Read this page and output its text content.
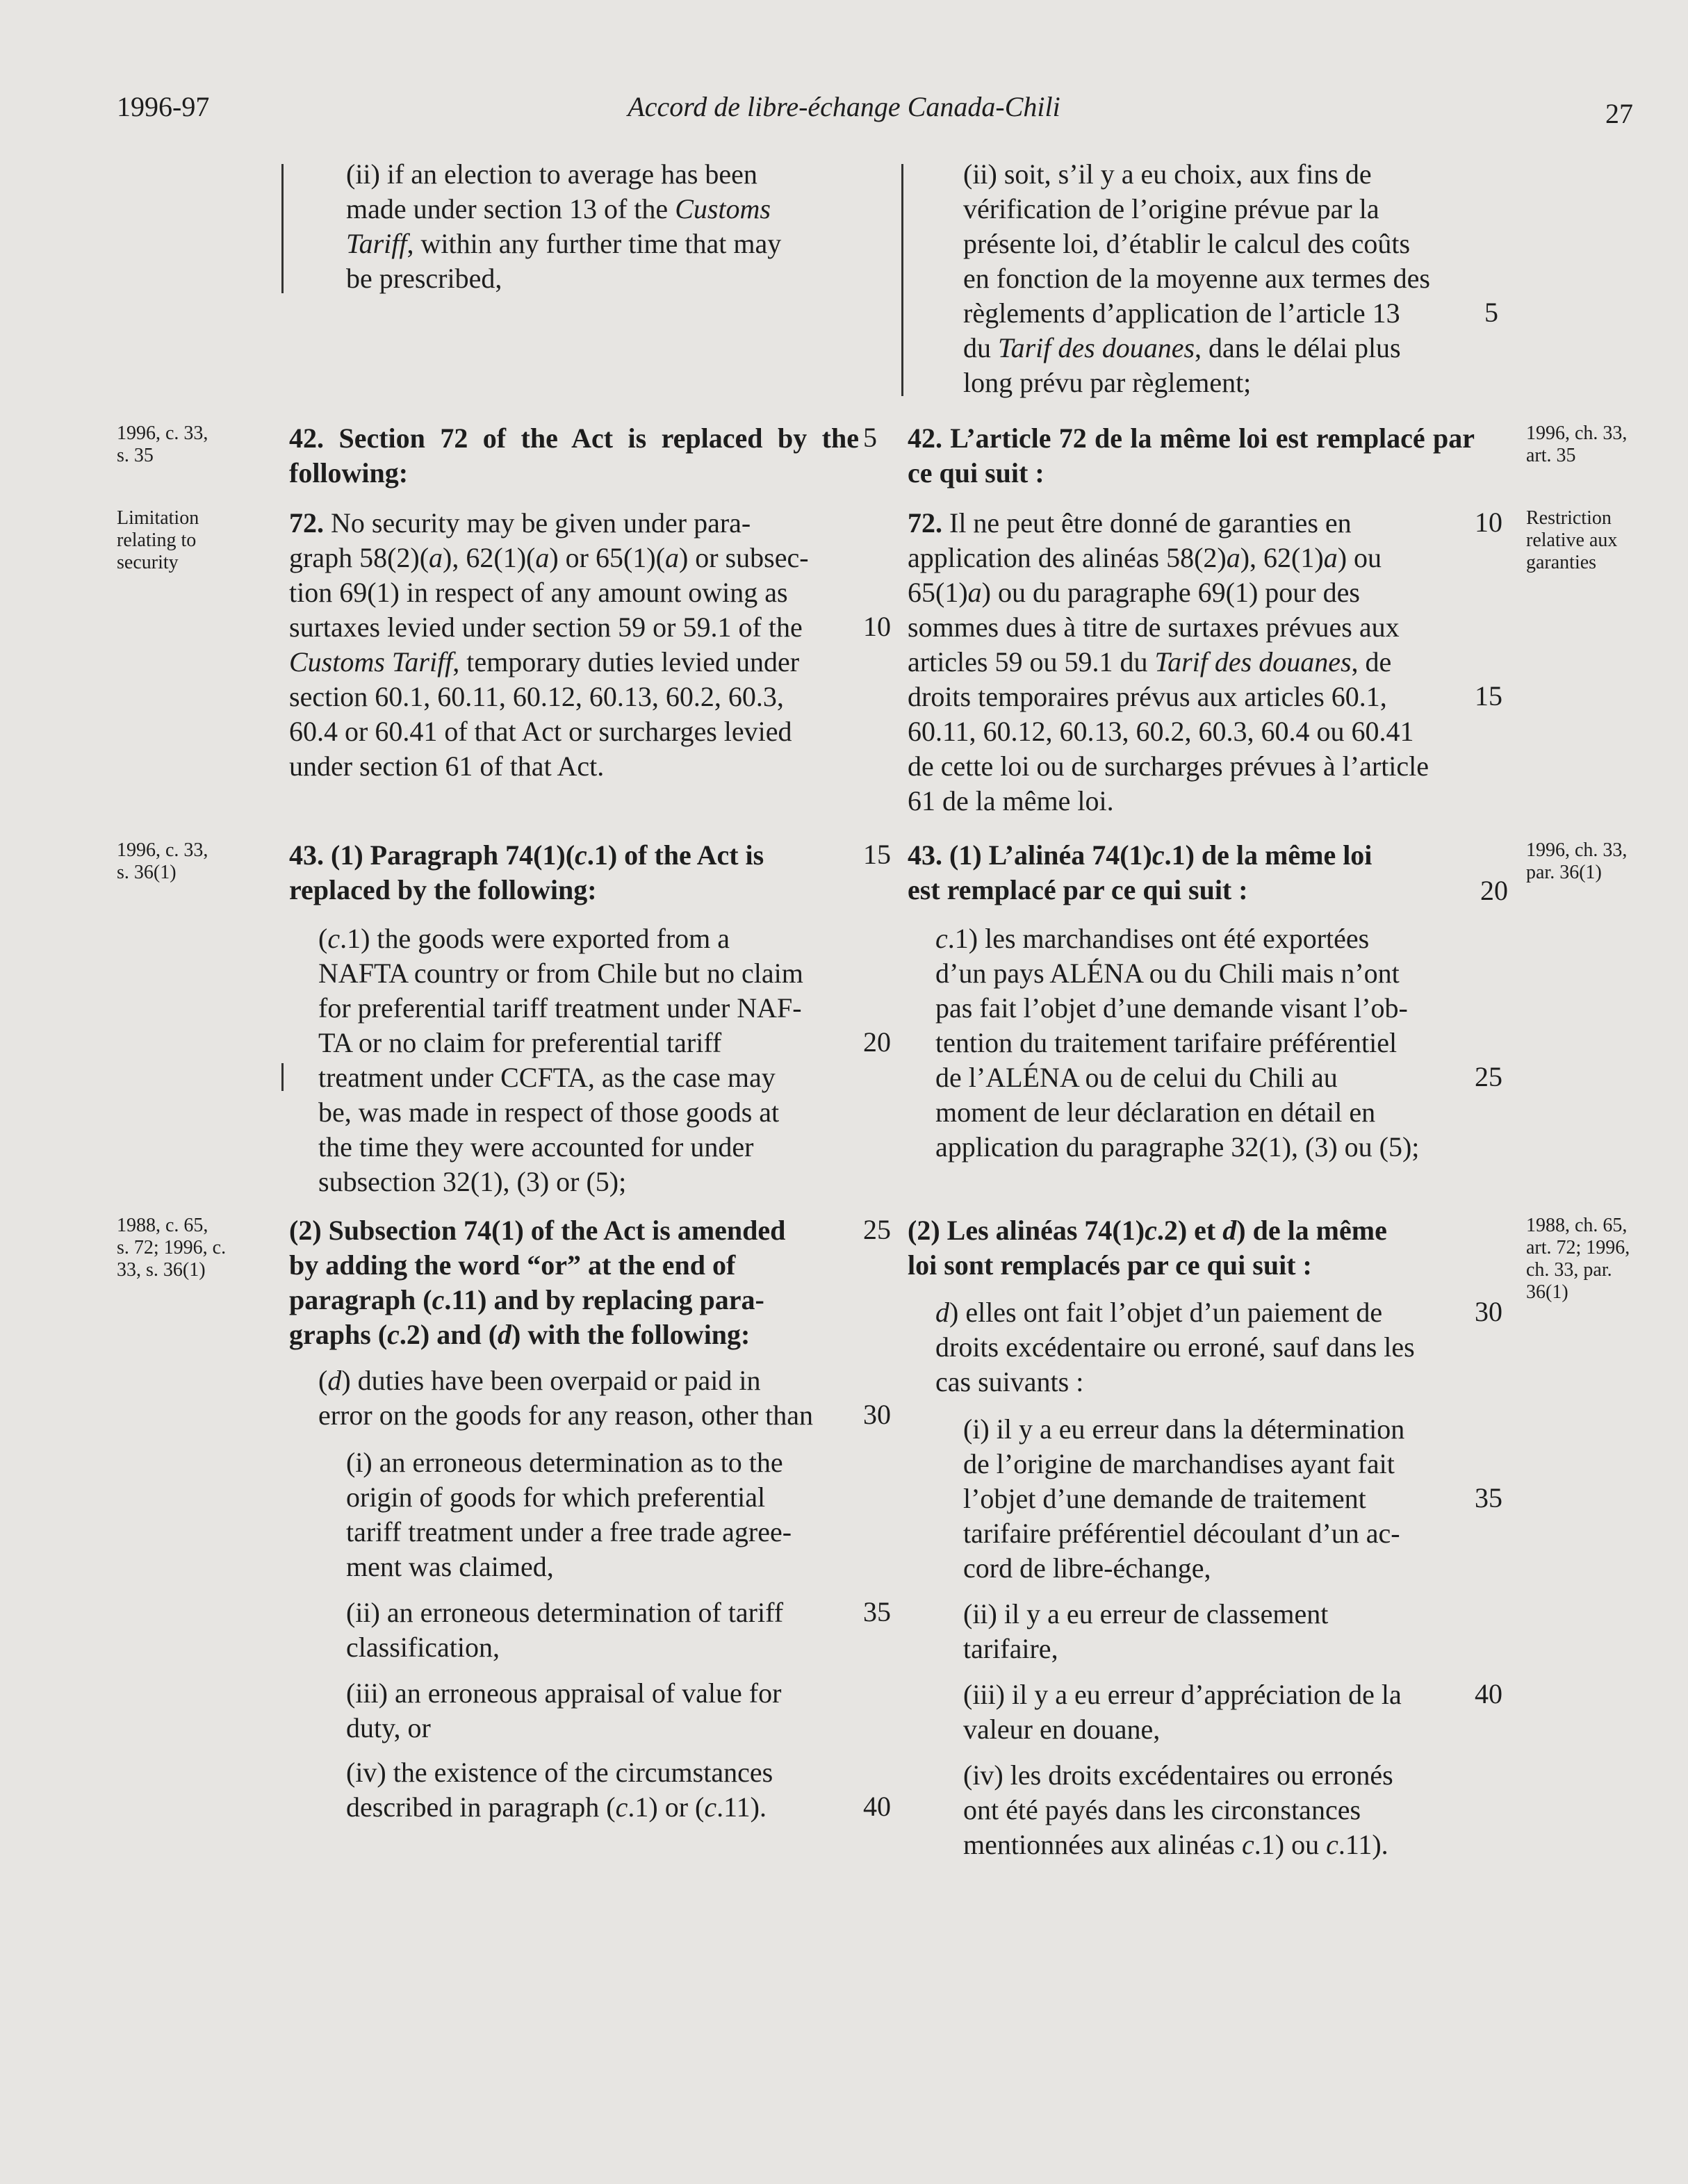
1996-97	Accord de libre-échange Canada-Chili	27
(ii) if an election to average has been
made under section 13 of the Customs
Tariff, within any further time that may
be prescribed,
42. Section 72 of the Act is replaced by the following:
72. No security may be given under para-
graph 58(2)(a), 62(1)(a) or 65(1)(a) or subsec-
tion 69(1) in respect of any amount owing as
surtaxes levied under section 59 or 59.1 of the
Customs Tariff, temporary duties levied under
section 60.1, 60.11, 60.12, 60.13, 60.2, 60.3,
60.4 or 60.41 of that Act or surcharges levied
under section 61 of that Act.
43. (1) Paragraph 74(1)(c.1) of the Act is
replaced by the following:
(c.1) the goods were exported from a
NAFTA country or from Chile but no claim
for preferential tariff treatment under NAF-
TA or no claim for preferential tariff
treatment under CCFTA, as the case may
be, was made in respect of those goods at
the time they were accounted for under
subsection 32(1), (3) or (5);
(2) Subsection 74(1) of the Act is amended
by adding the word “or” at the end of
paragraph (c.11) and by replacing para-
graphs (c.2) and (d) with the following:
(d) duties have been overpaid or paid in
error on the goods for any reason, other than
(i) an erroneous determination as to the
origin of goods for which preferential
tariff treatment under a free trade agree-
ment was claimed,
(ii) an erroneous determination of tariff
classification,
(iii) an erroneous appraisal of value for
duty, or
(iv) the existence of the circumstances
described in paragraph (c.1) or (c.11).
5
10
15
20
25
30
35
40
(ii) soit, s’il y a eu choix, aux fins de
vérification de l’origine prévue par la
présente loi, d’établir le calcul des coûts
en fonction de la moyenne aux termes des
règlements d’application de l’article 13
du Tarif des douanes, dans le délai plus
long prévu par règlement;
42. L’article 72 de la même loi est remplacé par ce qui suit :
72. Il ne peut être donné de garanties en
application des alinéas 58(2)a), 62(1)a) ou
65(1)a) ou du paragraphe 69(1) pour des
sommes dues à titre de surtaxes prévues aux
articles 59 ou 59.1 du Tarif des douanes, de
droits temporaires prévus aux articles 60.1,
60.11, 60.12, 60.13, 60.2, 60.3, 60.4 ou 60.41
de cette loi ou de surcharges prévues à l’article
61 de la même loi.
43. (1) L’alinéa 74(1)c.1) de la même loi
est remplacé par ce qui suit :
c.1) les marchandises ont été exportées
d’un pays ALÉNA ou du Chili mais n’ont
pas fait l’objet d’une demande visant l’ob-
tention du traitement tarifaire préférentiel
de l’ALÉNA ou de celui du Chili au
moment de leur déclaration en détail en
application du paragraphe 32(1), (3) ou (5);
(2) Les alinéas 74(1)c.2) et d) de la même
loi sont remplacés par ce qui suit :
d) elles ont fait l’objet d’un paiement de
droits excédentaire ou erroné, sauf dans les
cas suivants :
(i) il y a eu erreur dans la détermination
de l’origine de marchandises ayant fait
l’objet d’une demande de traitement
tarifaire préférentiel découlant d’un ac-
cord de libre-échange,
(ii) il y a eu erreur de classement
tarifaire,
(iii) il y a eu erreur d’appréciation de la
valeur en douane,
(iv) les droits excédentaires ou erronés
ont été payés dans les circonstances
mentionnées aux alinéas c.1) ou c.11).
5
10
15
20
25
30
35
40
1996, c. 33,
s. 35
Limitation
relating to
security
1996, c. 33,
s. 36(1)
1988, c. 65,
s. 72; 1996, c.
33, s. 36(1)
1996, ch. 33,
art. 35
Restriction
relative aux
garanties
1996, ch. 33,
par. 36(1)
1988, ch. 65,
art. 72; 1996,
ch. 33, par.
36(1)
